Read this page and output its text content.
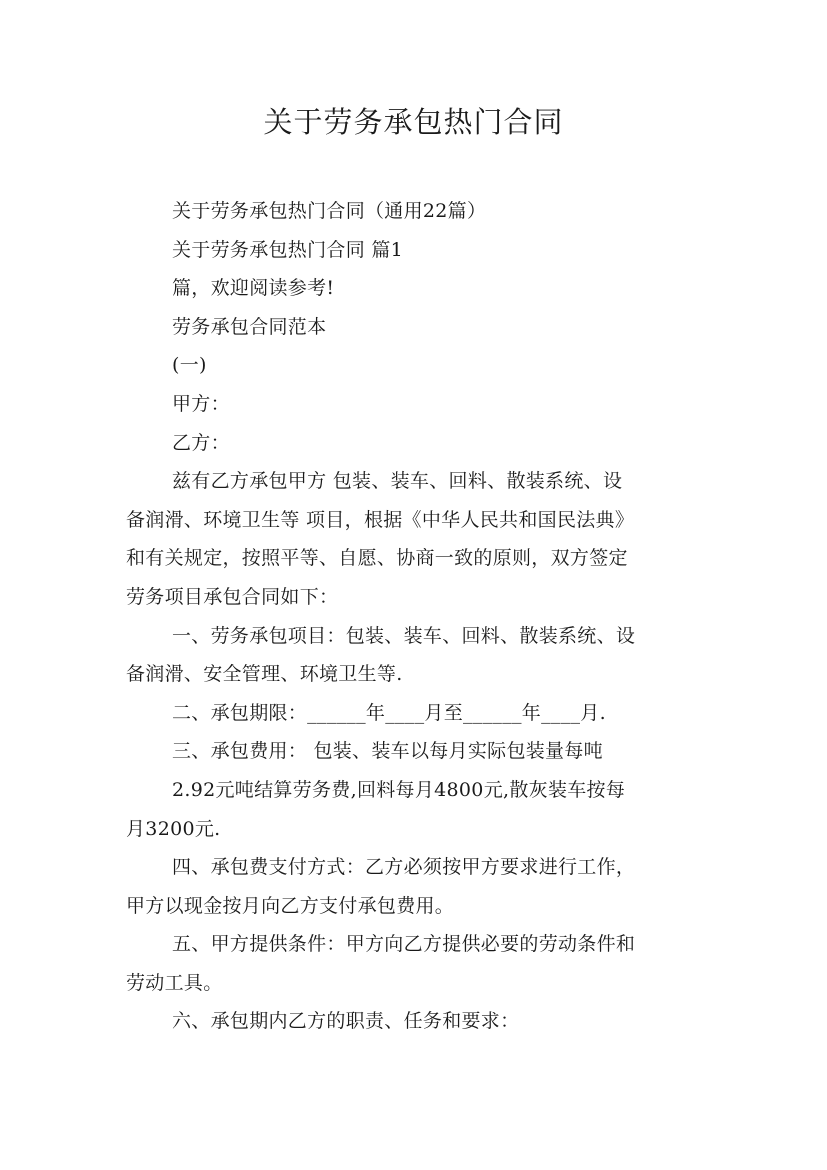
关于劳务承包热门合同
关于劳务承包热门合同（通用22篇）
关于劳务承包热门合同 篇1
篇，欢迎阅读参考!
劳务承包合同范本
(一)
甲方：
乙方：
兹有乙方承包甲方 包装、装车、回料、散装系统、设
备润滑、环境卫生等 项目，根据《中华人民共和国民法典》
和有关规定，按照平等、自愿、协商一致的原则，双方签定
劳务项目承包合同如下：
一、劳务承包项目：包装、装车、回料、散装系统、设
备润滑、安全管理、环境卫生等.
二、承包期限：______年____月至______年____月.
三、承包费用： 包装、装车以每月实际包装量每吨
2.92元吨结算劳务费,回料每月4800元,散灰装车按每
月3200元.
四、承包费支付方式：乙方必须按甲方要求进行工作，
甲方以现金按月向乙方支付承包费用。
五、甲方提供条件：甲方向乙方提供必要的劳动条件和
劳动工具。
六、承包期内乙方的职责、任务和要求：
